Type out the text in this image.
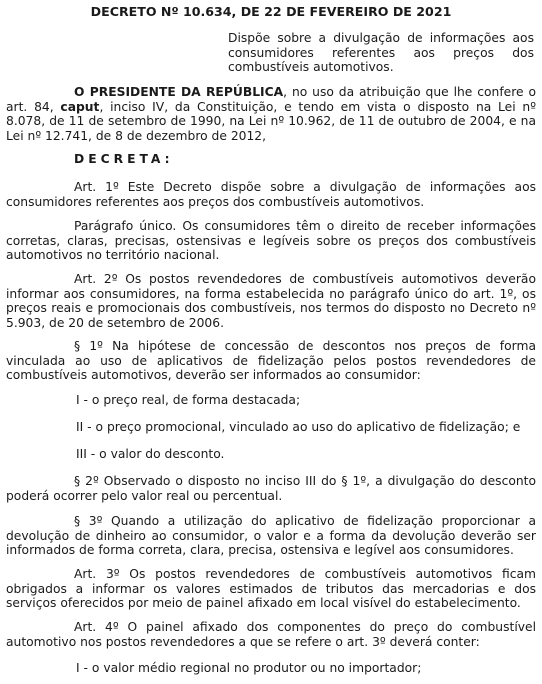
DECRETO Nº 10.634, DE 22 DE FEVEREIRO DE 2021
Dispõe sobre a divulgação de informações aos consumidores referentes aos preços dos combustíveis automotivos.
O PRESIDENTE DA REPÚBLICA, no uso da atribuição que lhe confere o art. 84, caput, inciso IV, da Constituição, e tendo em vista o disposto na Lei nº 8.078, de 11 de setembro de 1990, na Lei nº 10.962, de 11 de outubro de 2004, e na Lei nº 12.741, de 8 de dezembro de 2012,
DECRETA:
Art. 1º Este Decreto dispõe sobre a divulgação de informações aos consumidores referentes aos preços dos combustíveis automotivos.
Parágrafo único. Os consumidores têm o direito de receber informações corretas, claras, precisas, ostensivas e legíveis sobre os preços dos combustíveis automotivos no território nacional.
Art. 2º Os postos revendedores de combustíveis automotivos deverão informar aos consumidores, na forma estabelecida no parágrafo único do art. 1º, os preços reais e promocionais dos combustíveis, nos termos do disposto no Decreto nº 5.903, de 20 de setembro de 2006.
§ 1º Na hipótese de concessão de descontos nos preços de forma vinculada ao uso de aplicativos de fidelização pelos postos revendedores de combustíveis automotivos, deverão ser informados ao consumidor:
I - o preço real, de forma destacada;
II - o preço promocional, vinculado ao uso do aplicativo de fidelização; e
III - o valor do desconto.
§ 2º Observado o disposto no inciso III do § 1º, a divulgação do desconto poderá ocorrer pelo valor real ou percentual.
§ 3º Quando a utilização do aplicativo de fidelização proporcionar a devolução de dinheiro ao consumidor, o valor e a forma da devolução deverão ser informados de forma correta, clara, precisa, ostensiva e legível aos consumidores.
Art. 3º Os postos revendedores de combustíveis automotivos ficam obrigados a informar os valores estimados de tributos das mercadorias e dos serviços oferecidos por meio de painel afixado em local visível do estabelecimento.
Art. 4º O painel afixado dos componentes do preço do combustível automotivo nos postos revendedores a que se refere o art. 3º deverá conter:
I - o valor médio regional no produtor ou no importador;
